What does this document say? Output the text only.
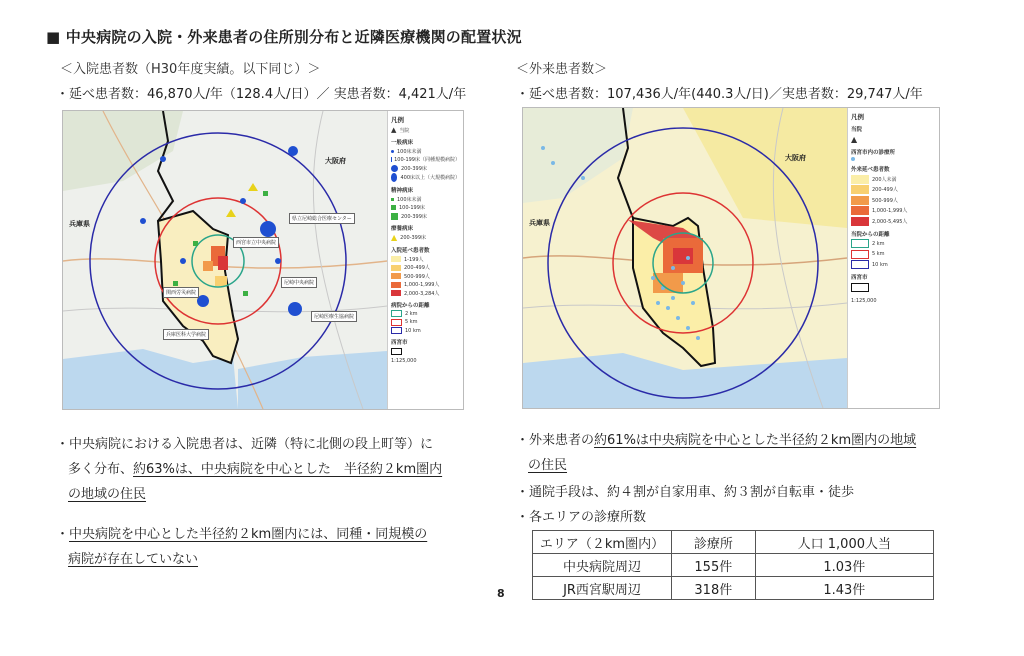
■ 中央病院の入院・外来患者の住所別分布と近隣医療機関の配置状況
＜入院患者数（H30年度実績。以下同じ）＞
・延べ患者数：46,870人/年（128.4人/日）／ 実患者数：4,421人/年
兵庫県
大阪府
県立尼崎総合医療センター
尼崎中央病院
関西労災病院
兵庫医科大学病院
尼崎医療生協病院
西宮市立中央病院
凡例
▲ 当院
一般病床
100床未満
100-199床（同種規模病院）
200-399床
400床以上（大規模病院）
精神病床
100床未満
100-199床
200-399床
療養病床
▲ 200-399床
入院延べ患者数
1-199人
200-499人
500-999人
1,000-1,999人
2,000-3,284人
病院からの距離
2 km
5 km
10 km
西宮市
1:125,000
・中央病院における入院患者は、近隣（特に北側の段上町等）に
多く分布、約63%は、中央病院を中心とした　半径約２km圏内
の地域の住民
・中央病院を中心とした半径約２km圏内には、同種・同規模の
病院が存在していない
＜外来患者数＞
・延べ患者数：107,436人/年(440.3人/日)／実患者数：29,747人/年
兵庫県
大阪府
凡例
当院
▲
西宮市内の診療所
外来延べ患者数
200人未満
200-499人
500-999人
1,000-1,999人
2,000-5,495人
当院からの距離
2 km
5 km
10 km
西宮市
1:125,000
・外来患者の約61%は中央病院を中心とした半径約２km圏内の地域
の住民
・通院手段は、約４割が自家用車、約３割が自転車・徒歩
・各エリアの診療所数
エリア（２km圏内）	診療所	人口 1,000人当
中央病院周辺	155件	1.03件
JR西宮駅周辺	318件	1.43件
8
